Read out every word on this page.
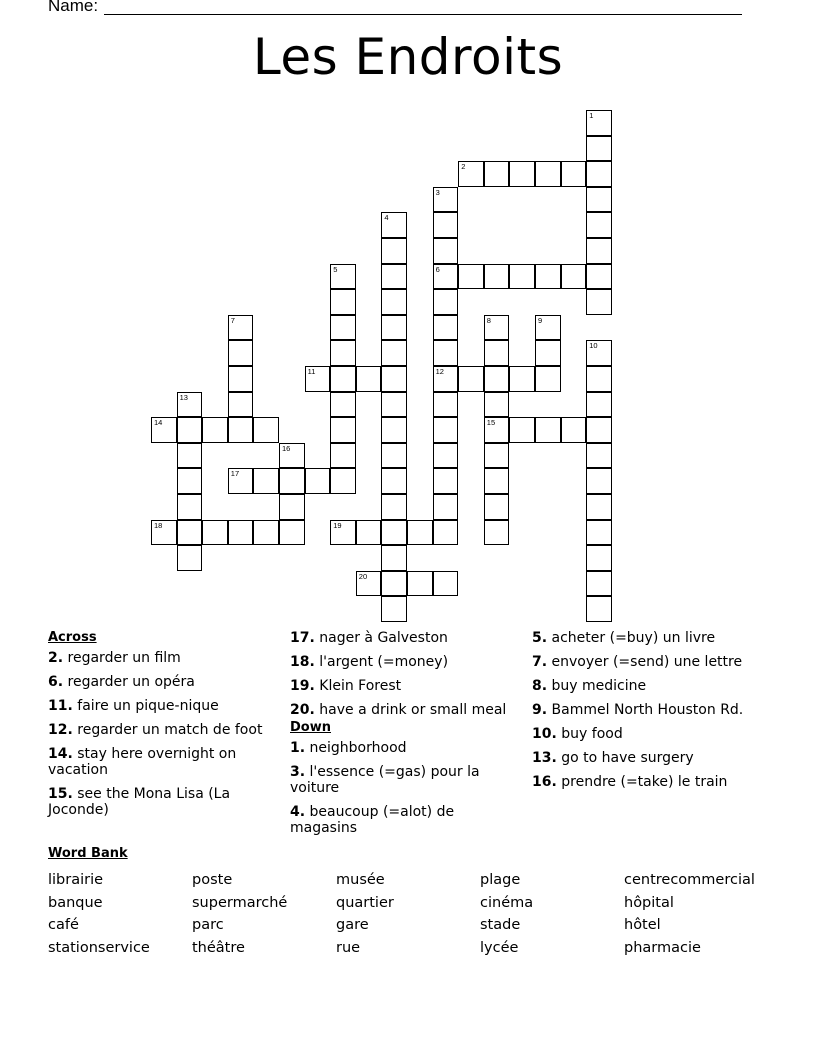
Name:
Les Endroits
1
2
3
6
12
4
5
7	8
15
9
10
11
13
14
16
17
18	19
20
Across
2. regarder un film
6. regarder un opéra
11. faire un pique-nique
12. regarder un match de foot
14. stay here overnight on vacation
15. see the Mona Lisa (La Joconde)
17. nager à Galveston
18. l'argent (=money)
19. Klein Forest
20. have a drink or small meal
Down
1. neighborhood
3. l'essence (=gas) pour la voiture
4. beaucoup (=alot) de magasins
5. acheter (=buy) un livre
7. envoyer (=send) une lettre
8. buy medicine
9. Bammel North Houston Rd.
10. buy food
13. go to have surgery
16. prendre (=take) le train
Word Bank
librairie
banque
café
stationservice
poste
supermarché
parc
théâtre
musée
quartier
gare
rue
plage
cinéma
stade
lycée
centrecommercial
hôpital
hôtel
pharmacie
